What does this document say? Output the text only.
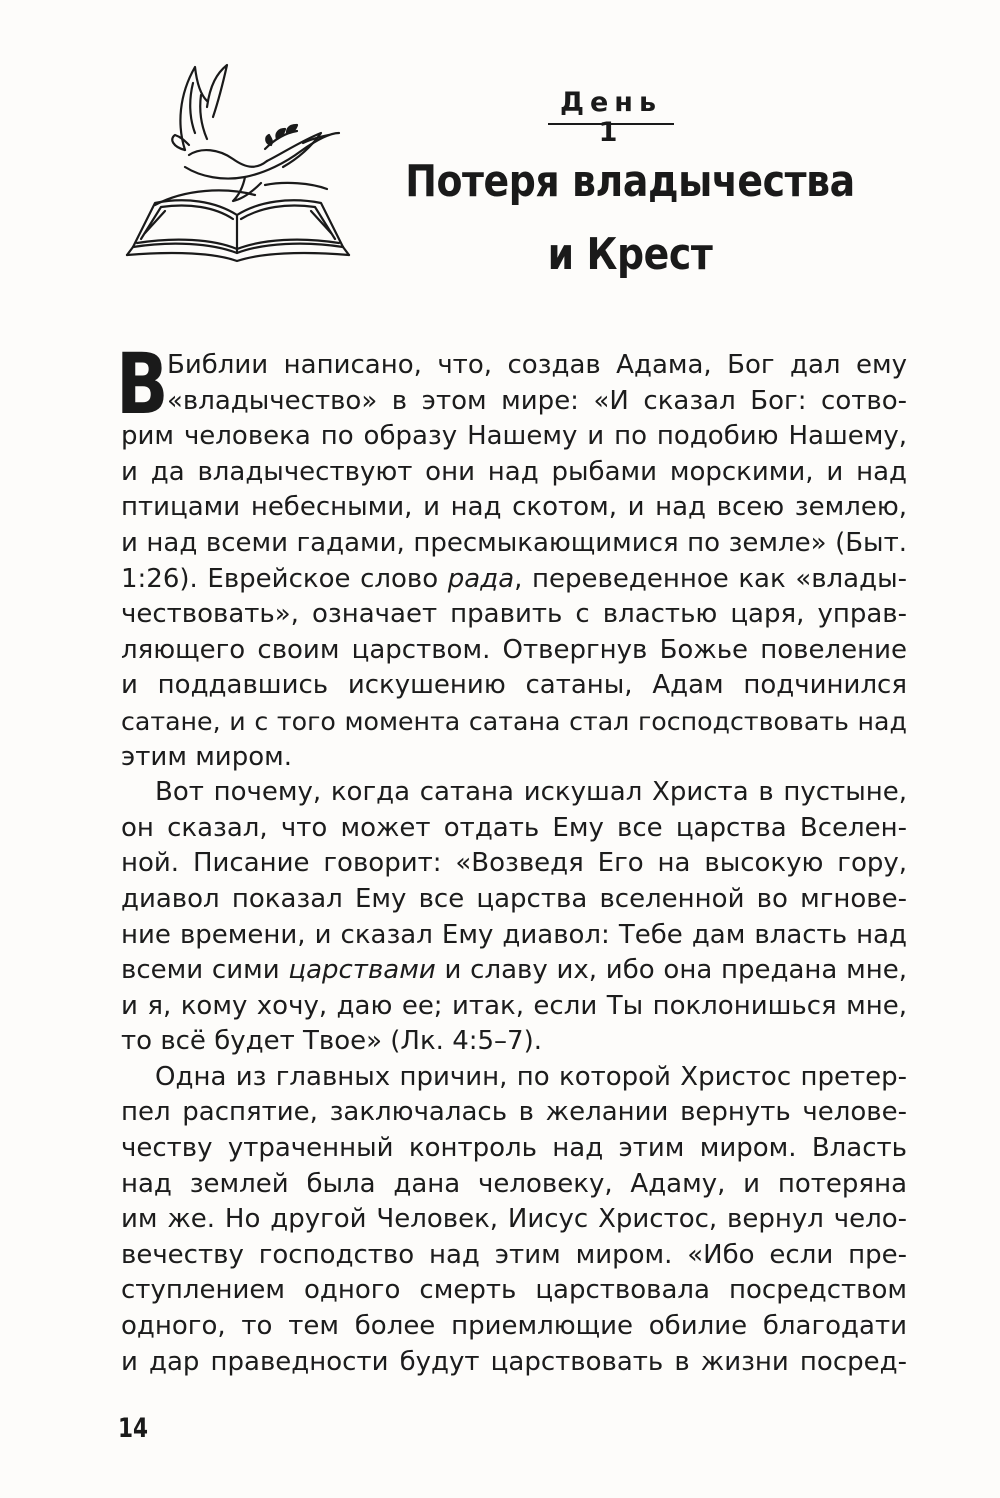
День 1
Потеря владычества
и Крест
В

Библии написано, что, создав Адама, Бог дал ему

«владычество» в этом мире: «И сказал Бог: сотво-

рим человека по образу Нашему и по подобию Нашему,

и да владычествуют они над рыбами морскими, и над

птицами небесными, и над скотом, и над всею землею,

и над всеми гадами, пресмыкающимися по земле» (Быт.

1:26). Еврейское слово рада, переведенное как «влады-

чествовать», означает править с властью царя, управ-

ляющего своим царством. Отвергнув Божье повеление

и поддавшись искушению сатаны, Адам подчинился

сатане, и с того момента сатана стал господствовать над

этим миром.

Вот почему, когда сатана искушал Христа в пустыне,

он сказал, что может отдать Ему все царства Вселен-

ной. Писание говорит: «Возведя Его на высокую гору,

диавол показал Ему все царства вселенной во мгнове-

ние времени, и сказал Ему диавол: Тебе дам власть над

всеми сими царствами и славу их, ибо она предана мне,

и я, кому хочу, даю ее; итак, если Ты поклонишься мне,

то всё будет Твое» (Лк. 4:5–7).

Одна из главных причин, по которой Христос претер-

пел распятие, заключалась в желании вернуть челове-

честву утраченный контроль над этим миром. Власть

над землей была дана человеку, Адаму, и потеряна

им же. Но другой Человек, Иисус Христос, вернул чело-

вечеству господство над этим миром. «Ибо если пре-

ступлением одного смерть царствовала посредством

одного, то тем более приемлющие обилие благодати

и дар праведности будут царствовать в жизни посред-

14
